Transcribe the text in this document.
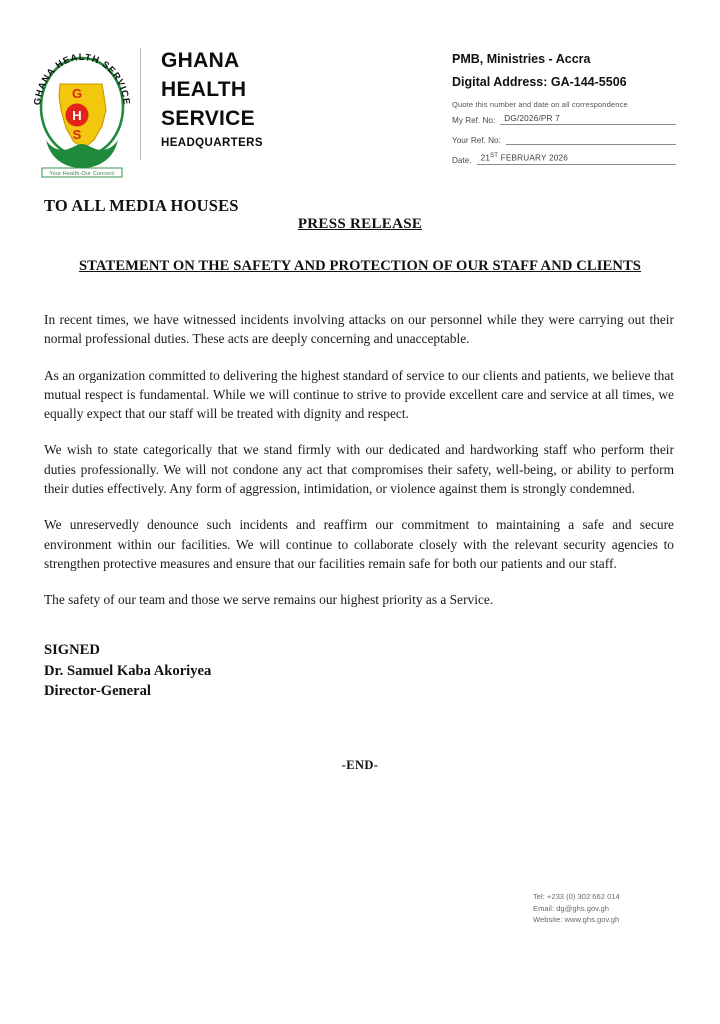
GHANA HEALTH SERVICE
G
S
H
Your Health-Our Concern
GHANA
HEALTH
SERVICE
HEADQUARTERS
PMB, Ministries - Accra
Digital Address: GA-144-5506
Quote this number and date on all correspondence
My Ref. No:	DG/2026/PR 7
Your Ref. No:
Date.	21ST FEBRUARY 2026
TO ALL MEDIA HOUSES
PRESS RELEASE
STATEMENT ON THE SAFETY AND PROTECTION OF OUR STAFF AND CLIENTS

In recent times, we have witnessed incidents involving attacks on our personnel while they were carrying out their normal professional duties. These acts are deeply concerning and unacceptable.

As an organization committed to delivering the highest standard of service to our clients and patients, we believe that mutual respect is fundamental. While we will continue to strive to provide excellent care and service at all times, we equally expect that our staff will be treated with dignity and respect.

We wish to state categorically that we stand firmly with our dedicated and hardworking staff who perform their duties professionally. We will not condone any act that compromises their safety, well-being, or ability to perform their duties effectively. Any form of aggression, intimidation, or violence against them is strongly condemned.

We unreservedly denounce such incidents and reaffirm our commitment to maintaining a safe and secure environment within our facilities. We will continue to collaborate closely with the relevant security agencies to strengthen protective measures and ensure that our facilities remain safe for both our patients and our staff.

The safety of our team and those we serve remains our highest priority as a Service.

SIGNED
Dr. Samuel Kaba Akoriyea
Director-General
-END-
Tel: +233 (0) 302 662 014
Email: dg@ghs.gov.gh
Website: www.ghs.gov.gh
